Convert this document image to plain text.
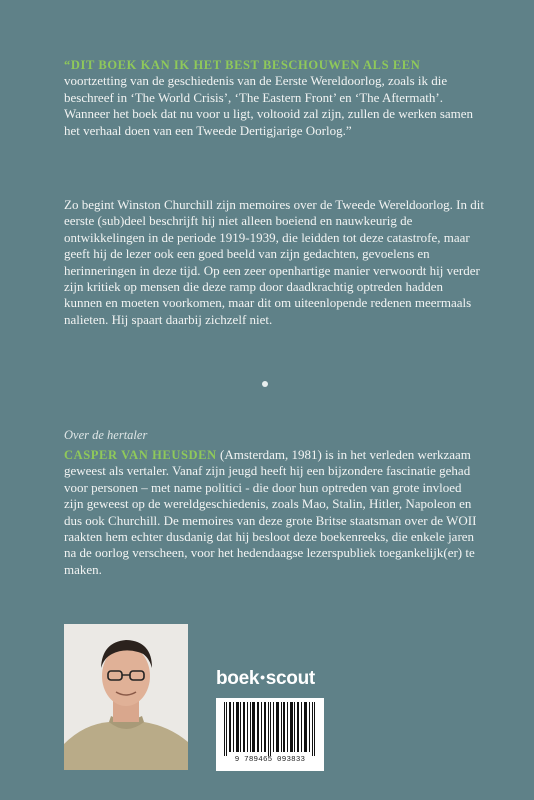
“DIT BOEK KAN IK HET BEST BESCHOUWEN ALS EEN voortzetting van de geschiedenis van de Eerste Wereldoorlog, zoals ik die beschreef in ‘The World Crisis’, ‘The Eastern Front’ en ‘The Aftermath’. Wanneer het boek dat nu voor u ligt, voltooid zal zijn, zullen de werken samen het verhaal doen van een Tweede Dertigjarige Oorlog.”

Zo begint Winston Churchill zijn memoires over de Tweede Wereldoorlog. In dit eerste (sub)deel beschrijft hij niet alleen boeiend en nauwkeurig de ontwikkelingen in de periode 1919-1939, die leidden tot deze catastrofe, maar geeft hij de lezer ook een goed beeld van zijn gedachten, gevoelens en herinneringen in deze tijd. Op een zeer openhartige manier verwoordt hij verder zijn kritiek op mensen die deze ramp door daadkrachtig optreden hadden kunnen en moeten voorkomen, maar dit om uiteenlopende redenen meermaals nalieten. Hij spaart daarbij zichzelf niet.

Over de hertaler

CASPER VAN HEUSDEN (Amsterdam, 1981) is in het verleden werkzaam geweest als vertaler. Vanaf zijn jeugd heeft hij een bijzondere fascinatie gehad voor personen – met name politici - die door hun optreden van grote invloed zijn geweest op de wereldgeschiedenis, zoals Mao, Stalin, Hitler, Napoleon en dus ook Churchill. De memoires van deze grote Britse staatsman over de WOII raakten hem echter dusdanig dat hij besloot deze boekenreeks, die enkele jaren na de oorlog verscheen, voor het hedendaagse lezerspubliek toegankelijk(er) te maken.

boek•scout
9 789465 093833
